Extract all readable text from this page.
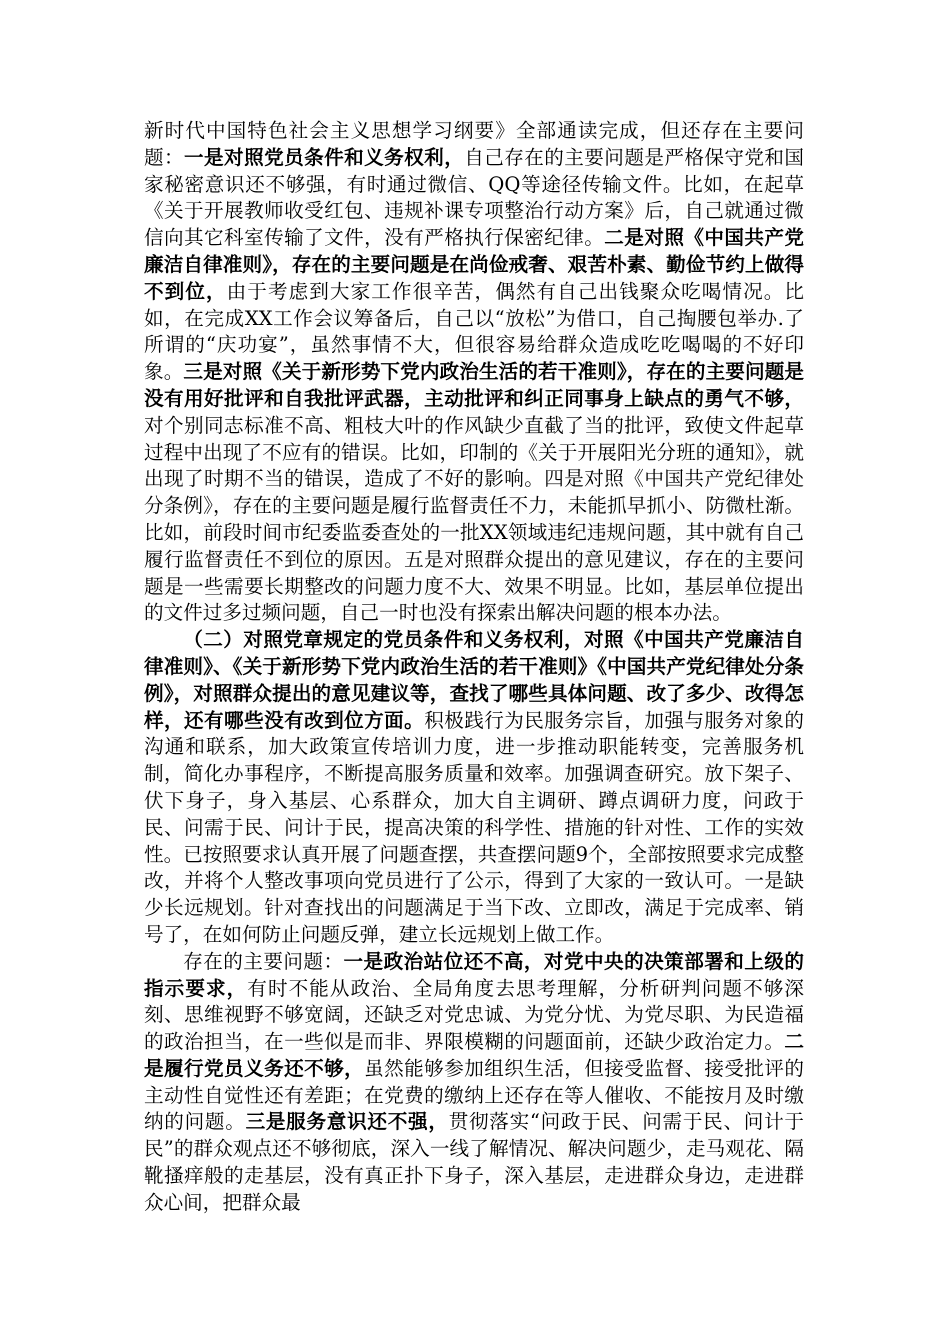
新时代中国特色社会主义思想学习纲要》全部通读完成，但还存在主要问题：一是对照党员条件和义务权利，自己存在的主要问题是严格保守党和国家秘密意识还不够强，有时通过微信、QQ等途径传输文件。比如，在起草《关于开展教师收受红包、违规补课专项整治行动方案》后，自己就通过微信向其它科室传输了文件，没有严格执行保密纪律。二是对照《中国共产党廉洁自律准则》，存在的主要问题是在尚俭戒奢、艰苦朴素、勤俭节约上做得不到位，由于考虑到大家工作很辛苦，偶然有自己出钱聚众吃喝情况。比如，在完成XX工作会议筹备后，自己以“放松”为借口，自己掏腰包举办.了所谓的“庆功宴”，虽然事情不大，但很容易给群众造成吃吃喝喝的不好印象。三是对照《关于新形势下党内政治生活的若干准则》，存在的主要问题是没有用好批评和自我批评武器，主动批评和纠正同事身上缺点的勇气不够，对个别同志标准不高、粗枝大叶的作风缺少直截了当的批评，致使文件起草过程中出现了不应有的错误。比如，印制的《关于开展阳光分班的通知》，就出现了时期不当的错误，造成了不好的影响。四是对照《中国共产党纪律处分条例》，存在的主要问题是履行监督责任不力，未能抓早抓小、防微杜渐。比如，前段时间市纪委监委查处的一批XX领域违纪违规问题，其中就有自己履行监督责任不到位的原因。五是对照群众提出的意见建议，存在的主要问题是一些需要长期整改的问题力度不大、效果不明显。比如，基层单位提出的文件过多过频问题，自己一时也没有探索出解决问题的根本办法。

（二）对照党章规定的党员条件和义务权利，对照《中国共产党廉洁自律准则》、《关于新形势下党内政治生活的若干准则》《中国共产党纪律处分条例》，对照群众提出的意见建议等，查找了哪些具体问题、改了多少、改得怎样，还有哪些没有改到位方面。积极践行为民服务宗旨，加强与服务对象的沟通和联系，加大政策宣传培训力度，进一步推动职能转变，完善服务机制，简化办事程序，不断提高服务质量和效率。加强调查研究。放下架子、伏下身子，身入基层、心系群众，加大自主调研、蹲点调研力度，问政于民、问需于民、问计于民，提高决策的科学性、措施的针对性、工作的实效性。已按照要求认真开展了问题查摆，共查摆问题9个，全部按照要求完成整改，并将个人整改事项向党员进行了公示，得到了大家的一致认可。一是缺少长远规划。针对查找出的问题满足于当下改、立即改，满足于完成率、销号了，在如何防止问题反弹，建立长远规划上做工作。

存在的主要问题：一是政治站位还不高，对党中央的决策部署和上级的指示要求，有时不能从政治、全局角度去思考理解，分析研判问题不够深刻、思维视野不够宽阔，还缺乏对党忠诚、为党分忧、为党尽职、为民造福的政治担当，在一些似是而非、界限模糊的问题面前，还缺少政治定力。二是履行党员义务还不够，虽然能够参加组织生活，但接受监督、接受批评的主动性自觉性还有差距；在党费的缴纳上还存在等人催收、不能按月及时缴纳的问题。三是服务意识还不强，贯彻落实“问政于民、问需于民、问计于民”的群众观点还不够彻底，深入一线了解情况、解决问题少，走马观花、隔靴搔痒般的走基层，没有真正扑下身子，深入基层，走进群众身边，走进群众心间，把群众最
